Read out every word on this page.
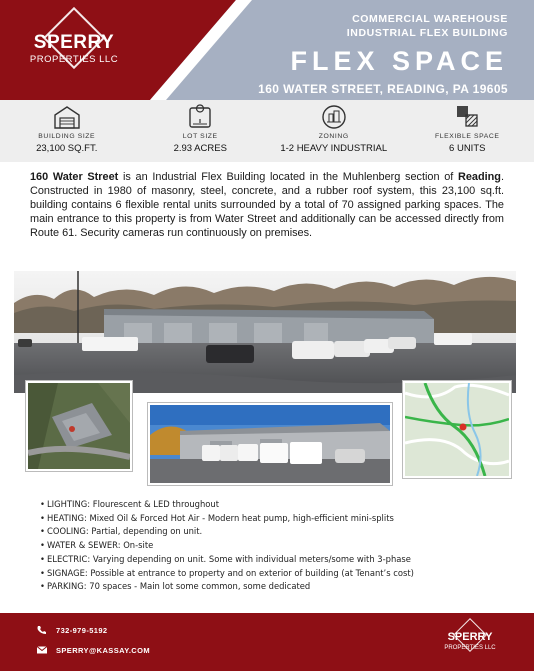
SPERRY
PROPERTIES LLC
COMMERCIAL WAREHOUSE
INDUSTRIAL FLEX BUILDING
FLEX SPACE
160 WATER STREET, READING, PA 19605
BUILDING SIZE
23,100 SQ.FT.
LOT SIZE
2.93 ACRES
ZONING
1-2 HEAVY INDUSTRIAL
FLEXIBLE SPACE
6 UNITS

160 Water Street is an Industrial Flex Building located in the Muhlenberg section of Reading. Constructed in 1980 of masonry, steel, concrete, and a rubber roof system, this 23,100 sq.ft. building contains 6 flexible rental units surrounded by a total of 70 assigned parking spaces. The main entrance to this property is from Water Street and additionally can be accessed directly from Route 61. Security cameras run continuously on premises.

• LIGHTING: Flourescent & LED throughout
• HEATING: Mixed Oil & Forced Hot Air - Modern heat pump, high-efficient mini-splits
• COOLING: Partial, depending on unit.
• WATER & SEWER: On-site
• ELECTRIC: Varying depending on unit. Some with individual meters/some with 3-phase
• SIGNAGE: Possible at entrance to property and on exterior of building (at Tenant’s cost)
• PARKING: 70 spaces - Main lot some common, some dedicated
732-979-5192
SPERRY@KASSAY.COM
SPERRY
PROPERTIES LLC
